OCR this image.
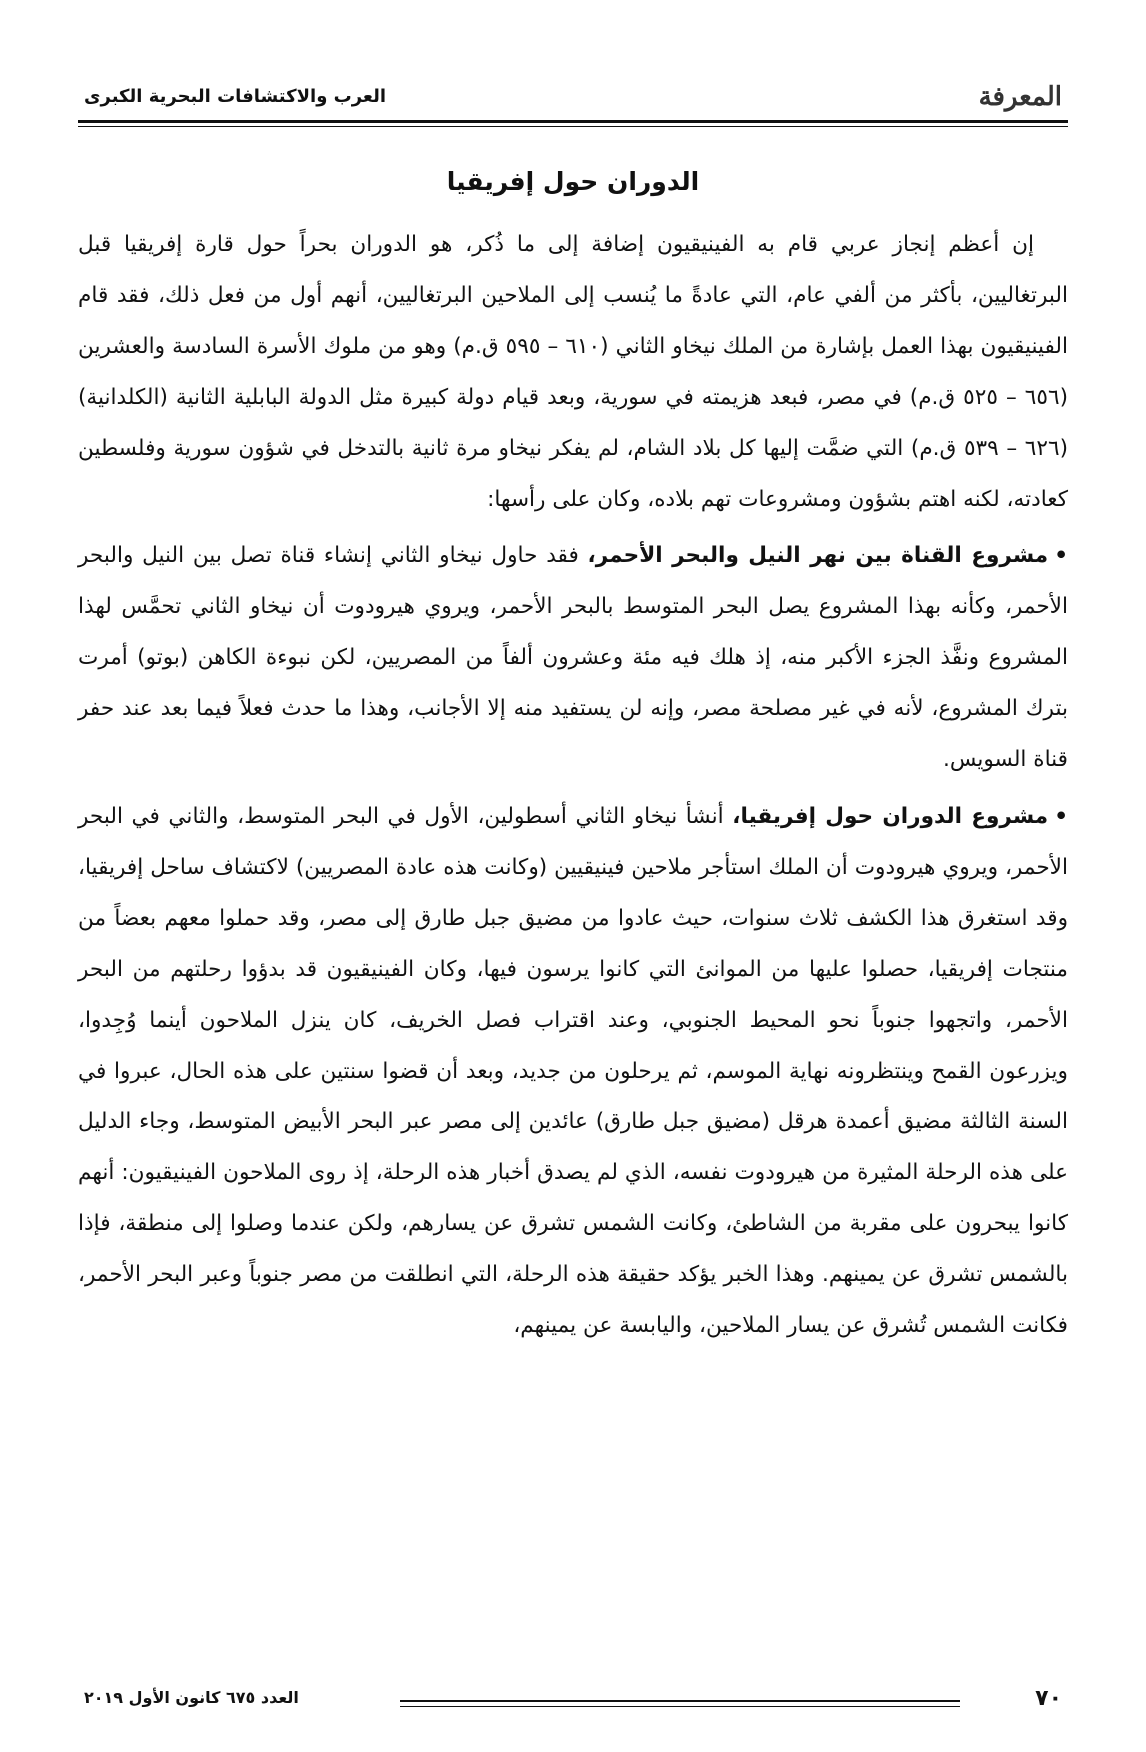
المعرفة
العرب والاكتشافات البحرية الكبرى
الدوران حول إفريقيا

إن أعظم إنجاز عربي قام به الفينيقيون إضافة إلى ما ذُكر، هو الدوران بحراً حول قارة إفريقيا قبل البرتغاليين، بأكثر من ألفي عام، التي عادةً ما يُنسب إلى الملاحين البرتغاليين، أنهم أول من فعل ذلك، فقد قام الفينيقيون بهذا العمل بإشارة من الملك نيخاو الثاني (٦١٠ – ٥٩٥ ق.م) وهو من ملوك الأسرة السادسة والعشرين (٦٥٦ – ٥٢٥ ق.م) في مصر، فبعد هزيمته في سورية، وبعد قيام دولة كبيرة مثل الدولة البابلية الثانية (الكلدانية) (٦٢٦ – ٥٣٩ ق.م) التي ضمَّت إليها كل بلاد الشام، لم يفكر نيخاو مرة ثانية بالتدخل في شؤون سورية وفلسطين كعادته، لكنه اهتم بشؤون ومشروعات تهم بلاده، وكان على رأسها:

•مشروع القناة بين نهر النيل والبحر الأحمر، فقد حاول نيخاو الثاني إنشاء قناة تصل بين النيل والبحر الأحمر، وكأنه بهذا المشروع يصل البحر المتوسط بالبحر الأحمر، ويروي هيرودوت أن نيخاو الثاني تحمَّس لهذا المشروع ونفَّذ الجزء الأكبر منه، إذ هلك فيه مئة وعشرون ألفاً من المصريين، لكن نبوءة الكاهن (بوتو) أمرت بترك المشروع، لأنه في غير مصلحة مصر، وإنه لن يستفيد منه إلا الأجانب، وهذا ما حدث فعلاً فيما بعد عند حفر قناة السويس.

•مشروع الدوران حول إفريقيا، أنشأ نيخاو الثاني أسطولين، الأول في البحر المتوسط، والثاني في البحر الأحمر، ويروي هيرودوت أن الملك استأجر ملاحين فينيقيين (وكانت هذه عادة المصريين) لاكتشاف ساحل إفريقيا، وقد استغرق هذا الكشف ثلاث سنوات، حيث عادوا من مضيق جبل طارق إلى مصر، وقد حملوا معهم بعضاً من منتجات إفريقيا، حصلوا عليها من الموانئ التي كانوا يرسون فيها، وكان الفينيقيون قد بدؤوا رحلتهم من البحر الأحمر، واتجهوا جنوباً نحو المحيط الجنوبي، وعند اقتراب فصل الخريف، كان ينزل الملاحون أينما وُجِدوا، ويزرعون القمح وينتظرونه نهاية الموسم، ثم يرحلون من جديد، وبعد أن قضوا سنتين على هذه الحال، عبروا في السنة الثالثة مضيق أعمدة هرقل (مضيق جبل طارق) عائدين إلى مصر عبر البحر الأبيض المتوسط، وجاء الدليل على هذه الرحلة المثيرة من هيرودوت نفسه، الذي لم يصدق أخبار هذه الرحلة، إذ روى الملاحون الفينيقيون: أنهم كانوا يبحرون على مقربة من الشاطئ، وكانت الشمس تشرق عن يسارهم، ولكن عندما وصلوا إلى منطقة، فإذا بالشمس تشرق عن يمينهم. وهذا الخبر يؤكد حقيقة هذه الرحلة، التي انطلقت من مصر جنوباً وعبر البحر الأحمر، فكانت الشمس تُشرق عن يسار الملاحين، واليابسة عن يمينهم،

٧٠
العدد ٦٧٥ كانون الأول ٢٠١٩
